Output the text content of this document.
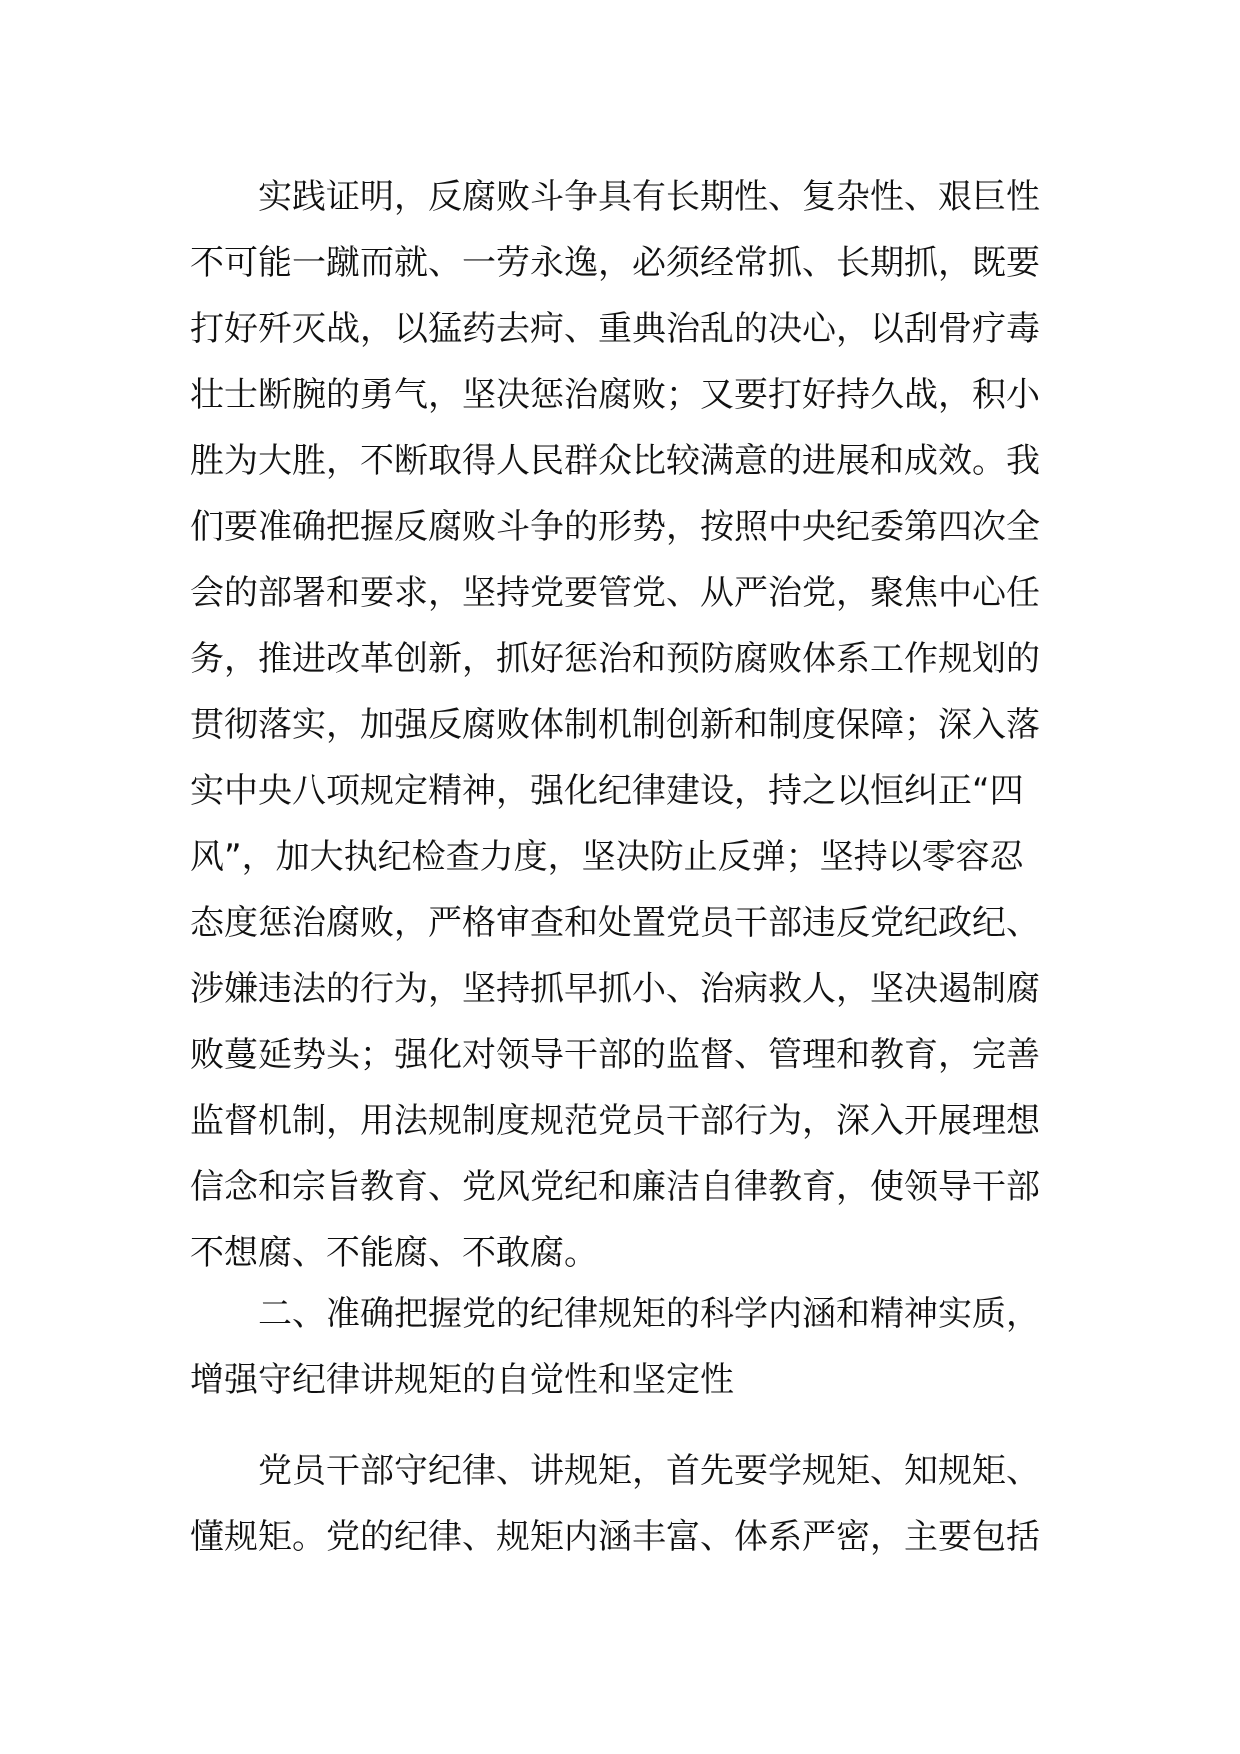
实践证明，反腐败斗争具有长期性、复杂性、艰巨性
不可能一蹴而就、一劳永逸，必须经常抓、长期抓，既要
打好歼灭战，以猛药去疴、重典治乱的决心，以刮骨疗毒
壮士断腕的勇气，坚决惩治腐败；又要打好持久战，积小
胜为大胜，不断取得人民群众比较满意的进展和成效。我
们要准确把握反腐败斗争的形势，按照中央纪委第四次全
会的部署和要求，坚持党要管党、从严治党，聚焦中心任
务，推进改革创新，抓好惩治和预防腐败体系工作规划的
贯彻落实，加强反腐败体制机制创新和制度保障；深入落
实中央八项规定精神，强化纪律建设，持之以恒纠正“四
风”，加大执纪检查力度，坚决防止反弹；坚持以零容忍
态度惩治腐败，严格审查和处置党员干部违反党纪政纪、
涉嫌违法的行为，坚持抓早抓小、治病救人，坚决遏制腐
败蔓延势头；强化对领导干部的监督、管理和教育，完善
监督机制，用法规制度规范党员干部行为，深入开展理想
信念和宗旨教育、党风党纪和廉洁自律教育，使领导干部
不想腐、不能腐、不敢腐。
二、准确把握党的纪律规矩的科学内涵和精神实质，
增强守纪律讲规矩的自觉性和坚定性
党员干部守纪律、讲规矩，首先要学规矩、知规矩、
懂规矩。党的纪律、规矩内涵丰富、体系严密，主要包括
